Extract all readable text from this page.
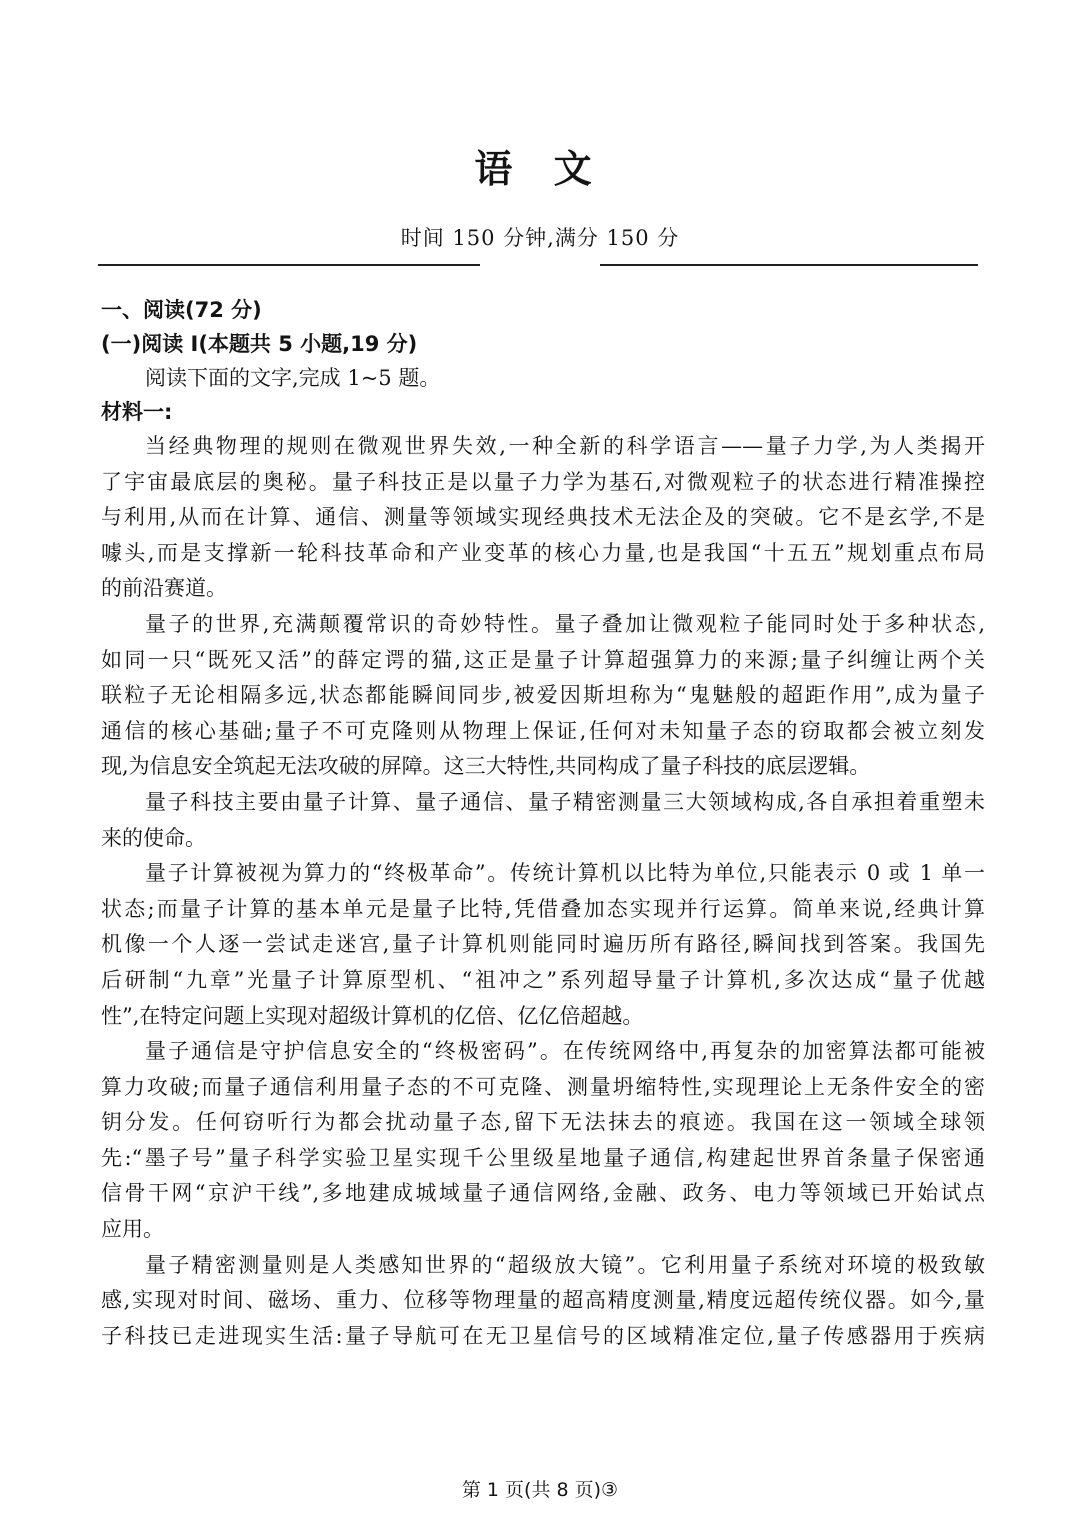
语 文
时间 150 分钟,满分 150 分
一、阅读(72 分)
(一)阅读 I(本题共 5 小题,19 分)
阅读下面的文字,完成 1~5 题。
材料一:
当经典物理的规则在微观世界失效,一种全新的科学语言——量子力学,为人类揭开
了宇宙最底层的奥秘。量子科技正是以量子力学为基石,对微观粒子的状态进行精准操控
与利用,从而在计算、通信、测量等领域实现经典技术无法企及的突破。它不是玄学,不是
噱头,而是支撑新一轮科技革命和产业变革的核心力量,也是我国“十五五”规划重点布局
的前沿赛道。
量子的世界,充满颠覆常识的奇妙特性。量子叠加让微观粒子能同时处于多种状态,
如同一只“既死又活”的薛定谔的猫,这正是量子计算超强算力的来源;量子纠缠让两个关
联粒子无论相隔多远,状态都能瞬间同步,被爱因斯坦称为“鬼魅般的超距作用”,成为量子
通信的核心基础;量子不可克隆则从物理上保证,任何对未知量子态的窃取都会被立刻发
现,为信息安全筑起无法攻破的屏障。这三大特性,共同构成了量子科技的底层逻辑。
量子科技主要由量子计算、量子通信、量子精密测量三大领域构成,各自承担着重塑未
来的使命。
量子计算被视为算力的“终极革命”。传统计算机以比特为单位,只能表示 0 或 1 单一
状态;而量子计算的基本单元是量子比特,凭借叠加态实现并行运算。简单来说,经典计算
机像一个人逐一尝试走迷宫,量子计算机则能同时遍历所有路径,瞬间找到答案。我国先
后研制“九章”光量子计算原型机、“祖冲之”系列超导量子计算机,多次达成“量子优越
性”,在特定问题上实现对超级计算机的亿倍、亿亿倍超越。
量子通信是守护信息安全的“终极密码”。在传统网络中,再复杂的加密算法都可能被
算力攻破;而量子通信利用量子态的不可克隆、测量坍缩特性,实现理论上无条件安全的密
钥分发。任何窃听行为都会扰动量子态,留下无法抹去的痕迹。我国在这一领域全球领
先:“墨子号”量子科学实验卫星实现千公里级星地量子通信,构建起世界首条量子保密通
信骨干网“京沪干线”,多地建成城域量子通信网络,金融、政务、电力等领域已开始试点
应用。
量子精密测量则是人类感知世界的“超级放大镜”。它利用量子系统对环境的极致敏
感,实现对时间、磁场、重力、位移等物理量的超高精度测量,精度远超传统仪器。如今,量
子科技已走进现实生活:量子导航可在无卫星信号的区域精准定位,量子传感器用于疾病
第 1 页(共 8 页)③
